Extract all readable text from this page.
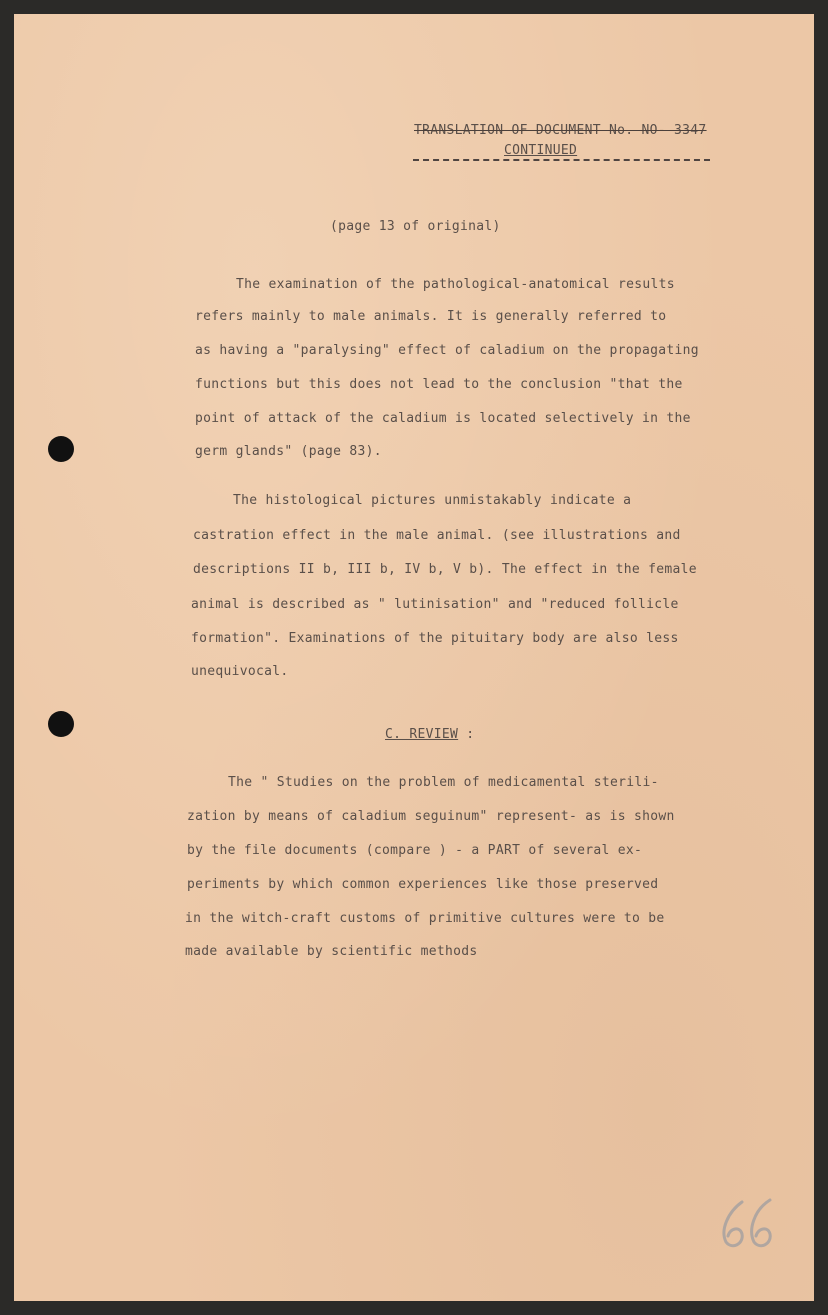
TRANSLATION OF DOCUMENT No. NO- 3347
CONTINUED
(page 13 of original)
The examination of the pathological-anatomical results
refers mainly to male animals. It is generally referred to
as having a "paralysing" effect of caladium on the propagating
functions but this does not lead to the conclusion "that the
point of attack of the caladium is located selectively in the
germ glands" (page 83).
The histological pictures unmistakably indicate a
castration effect in the male animal. (see illustrations and
descriptions II b, III b, IV b, V b). The effect in the female
animal is described as " lutinisation" and "reduced follicle
formation". Examinations of the pituitary body are also less
unequivocal.
C. REVIEW :
The " Studies on the problem of medicamental sterili-
zation by means of caladium seguinum" represent- as is shown
by the file documents (compare ) - a PART of several ex-
periments by which common experiences like those preserved
in the witch-craft customs of primitive cultures were to be
made available by scientific methods
